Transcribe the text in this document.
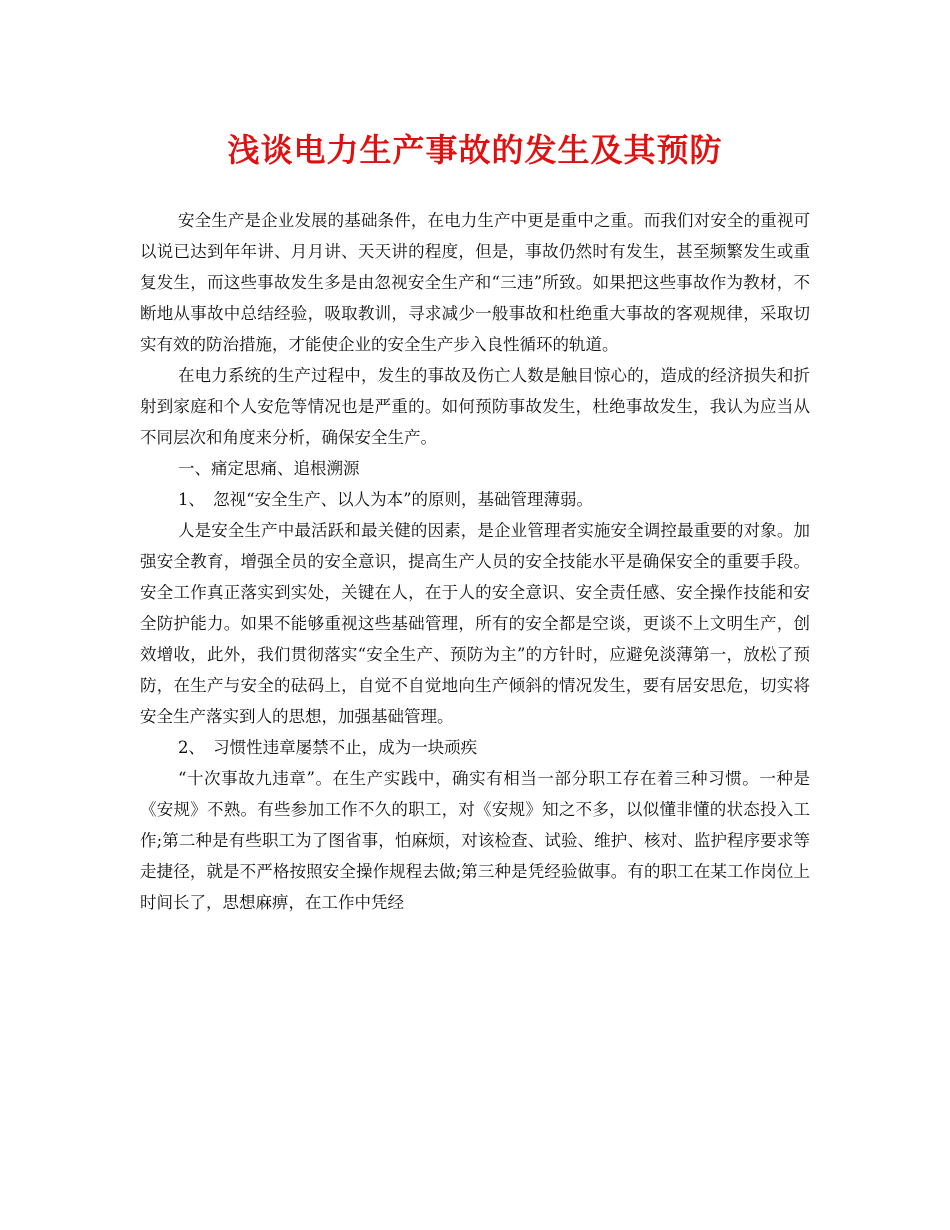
浅谈电力生产事故的发生及其预防

安全生产是企业发展的基础条件，在电力生产中更是重中之重。而我们对安全的重视可以说已达到年年讲、月月讲、天天讲的程度，但是，事故仍然时有发生，甚至频繁发生或重复发生，而这些事故发生多是由忽视安全生产和“三违”所致。如果把这些事故作为教材，不断地从事故中总结经验，吸取教训，寻求减少一般事故和杜绝重大事故的客观规律，采取切实有效的防治措施，才能使企业的安全生产步入良性循环的轨道。

在电力系统的生产过程中，发生的事故及伤亡人数是触目惊心的，造成的经济损失和折射到家庭和个人安危等情况也是严重的。如何预防事故发生，杜绝事故发生，我认为应当从不同层次和角度来分析，确保安全生产。

一、痛定思痛、追根溯源

1、　忽视“安全生产、以人为本”的原则，基础管理薄弱。

人是安全生产中最活跃和最关健的因素，是企业管理者实施安全调控最重要的对象。加强安全教育，增强全员的安全意识，提高生产人员的安全技能水平是确保安全的重要手段。安全工作真正落实到实处，关键在人，在于人的安全意识、安全责任感、安全操作技能和安全防护能力。如果不能够重视这些基础管理，所有的安全都是空谈，更谈不上文明生产，创效增收，此外，我们贯彻落实“安全生产、预防为主”的方针时，应避免淡薄第一，放松了预防，在生产与安全的砝码上，自觉不自觉地向生产倾斜的情况发生，要有居安思危，切实将安全生产落实到人的思想，加强基础管理。

2、　习惯性违章屡禁不止，成为一块顽疾

“十次事故九违章”。在生产实践中，确实有相当一部分职工存在着三种习惯。一种是《安规》不熟。有些参加工作不久的职工，对《安规》知之不多，以似懂非懂的状态投入工作;第二种是有些职工为了图省事，怕麻烦，对该检查、试验、维护、核对、监护程序要求等走捷径，就是不严格按照安全操作规程去做;第三种是凭经验做事。有的职工在某工作岗位上时间长了，思想麻痹，在工作中凭经
